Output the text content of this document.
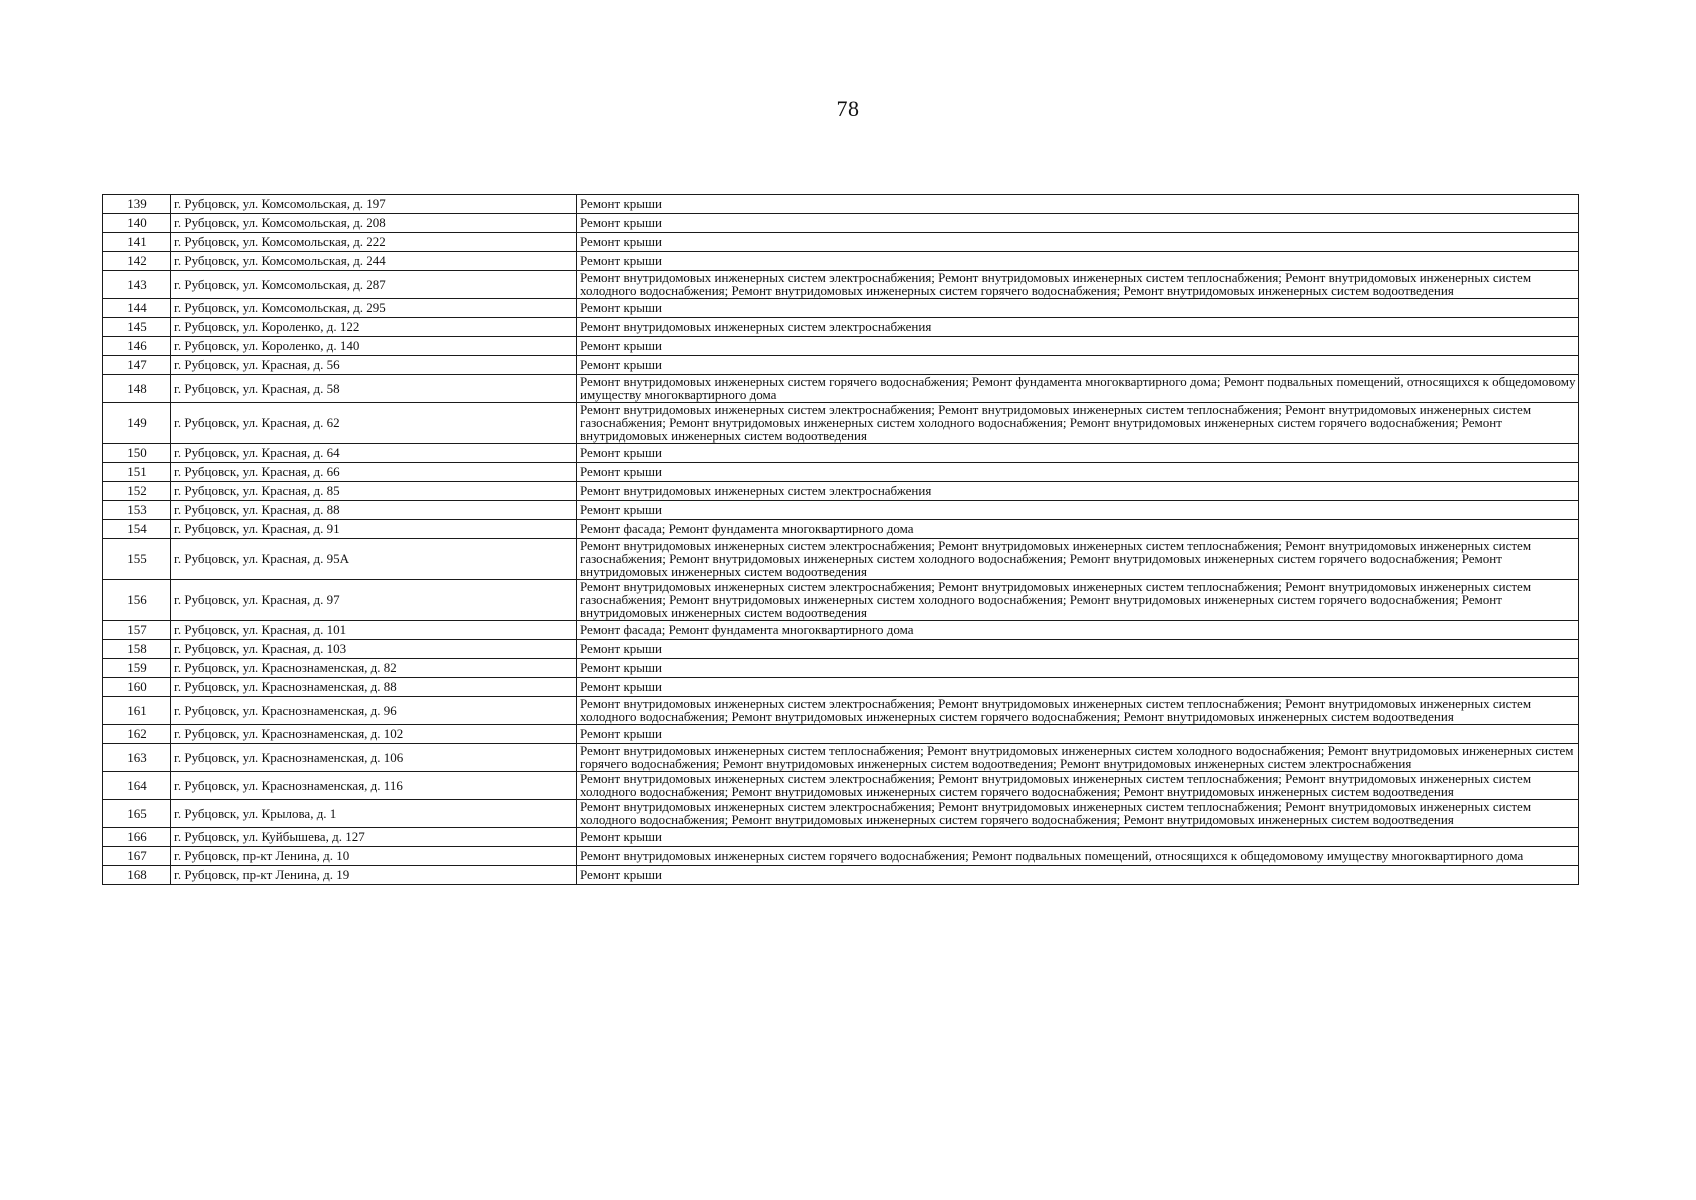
78
139	г. Рубцовск, ул. Комсомольская, д. 197	Ремонт крыши
140	г. Рубцовск, ул. Комсомольская, д. 208	Ремонт крыши
141	г. Рубцовск, ул. Комсомольская, д. 222	Ремонт крыши
142	г. Рубцовск, ул. Комсомольская, д. 244	Ремонт крыши
143	г. Рубцовск, ул. Комсомольская, д. 287	Ремонт внутридомовых инженерных систем электроснабжения; Ремонт внутридомовых инженерных систем теплоснабжения; Ремонт внутридомовых инженерных систем холодного водоснабжения; Ремонт внутридомовых инженерных систем горячего водоснабжения; Ремонт внутридомовых инженерных систем водоотведения
144	г. Рубцовск, ул. Комсомольская, д. 295	Ремонт крыши
145	г. Рубцовск, ул. Короленко, д. 122	Ремонт внутридомовых инженерных систем электроснабжения
146	г. Рубцовск, ул. Короленко, д. 140	Ремонт крыши
147	г. Рубцовск, ул. Красная, д. 56	Ремонт крыши
148	г. Рубцовск, ул. Красная, д. 58	Ремонт внутридомовых инженерных систем горячего водоснабжения; Ремонт фундамента многоквартирного дома; Ремонт подвальных помещений, относящихся к общедомовому имуществу многоквартирного дома
149	г. Рубцовск, ул. Красная, д. 62	Ремонт внутридомовых инженерных систем электроснабжения; Ремонт внутридомовых инженерных систем теплоснабжения; Ремонт внутридомовых инженерных систем газоснабжения; Ремонт внутридомовых инженерных систем холодного водоснабжения; Ремонт внутридомовых инженерных систем горячего водоснабжения; Ремонт внутридомовых инженерных систем водоотведения
150	г. Рубцовск, ул. Красная, д. 64	Ремонт крыши
151	г. Рубцовск, ул. Красная, д. 66	Ремонт крыши
152	г. Рубцовск, ул. Красная, д. 85	Ремонт внутридомовых инженерных систем электроснабжения
153	г. Рубцовск, ул. Красная, д. 88	Ремонт крыши
154	г. Рубцовск, ул. Красная, д. 91	Ремонт фасада; Ремонт фундамента многоквартирного дома
155	г. Рубцовск, ул. Красная, д. 95А	Ремонт внутридомовых инженерных систем электроснабжения; Ремонт внутридомовых инженерных систем теплоснабжения; Ремонт внутридомовых инженерных систем газоснабжения; Ремонт внутридомовых инженерных систем холодного водоснабжения; Ремонт внутридомовых инженерных систем горячего водоснабжения; Ремонт внутридомовых инженерных систем водоотведения
156	г. Рубцовск, ул. Красная, д. 97	Ремонт внутридомовых инженерных систем электроснабжения; Ремонт внутридомовых инженерных систем теплоснабжения; Ремонт внутридомовых инженерных систем газоснабжения; Ремонт внутридомовых инженерных систем холодного водоснабжения; Ремонт внутридомовых инженерных систем горячего водоснабжения; Ремонт внутридомовых инженерных систем водоотведения
157	г. Рубцовск, ул. Красная, д. 101	Ремонт фасада; Ремонт фундамента многоквартирного дома
158	г. Рубцовск, ул. Красная, д. 103	Ремонт крыши
159	г. Рубцовск, ул. Краснознаменская, д. 82	Ремонт крыши
160	г. Рубцовск, ул. Краснознаменская, д. 88	Ремонт крыши
161	г. Рубцовск, ул. Краснознаменская, д. 96	Ремонт внутридомовых инженерных систем электроснабжения; Ремонт внутридомовых инженерных систем теплоснабжения; Ремонт внутридомовых инженерных систем холодного водоснабжения; Ремонт внутридомовых инженерных систем горячего водоснабжения; Ремонт внутридомовых инженерных систем водоотведения
162	г. Рубцовск, ул. Краснознаменская, д. 102	Ремонт крыши
163	г. Рубцовск, ул. Краснознаменская, д. 106	Ремонт внутридомовых инженерных систем теплоснабжения; Ремонт внутридомовых инженерных систем холодного водоснабжения; Ремонт внутридомовых инженерных систем горячего водоснабжения; Ремонт внутридомовых инженерных систем водоотведения; Ремонт внутридомовых инженерных систем электроснабжения
164	г. Рубцовск, ул. Краснознаменская, д. 116	Ремонт внутридомовых инженерных систем электроснабжения; Ремонт внутридомовых инженерных систем теплоснабжения; Ремонт внутридомовых инженерных систем холодного водоснабжения; Ремонт внутридомовых инженерных систем горячего водоснабжения; Ремонт внутридомовых инженерных систем водоотведения
165	г. Рубцовск, ул. Крылова, д. 1	Ремонт внутридомовых инженерных систем электроснабжения; Ремонт внутридомовых инженерных систем теплоснабжения; Ремонт внутридомовых инженерных систем холодного водоснабжения; Ремонт внутридомовых инженерных систем горячего водоснабжения; Ремонт внутридомовых инженерных систем водоотведения
166	г. Рубцовск, ул. Куйбышева, д. 127	Ремонт крыши
167	г. Рубцовск, пр-кт Ленина, д. 10	Ремонт внутридомовых инженерных систем горячего водоснабжения; Ремонт подвальных помещений, относящихся к общедомовому имуществу многоквартирного дома
168	г. Рубцовск, пр-кт Ленина, д. 19	Ремонт крыши
